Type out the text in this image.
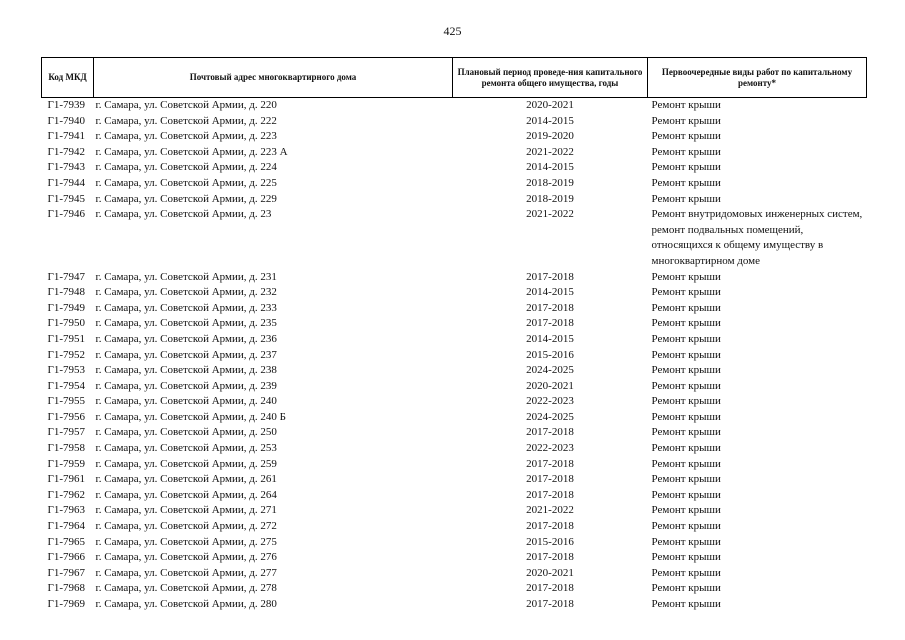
425
Код МКД	Почтовый адрес многоквартирного дома	Плановый период проведе-ния капитального ремонта общего имущества, годы	Первоочередные виды работ по капитальному ремонту*
Г1-7939	г. Самара, ул. Советской Армии, д. 220	2020-2021	Ремонт крыши
Г1-7940	г. Самара, ул. Советской Армии, д. 222	2014-2015	Ремонт крыши
Г1-7941	г. Самара, ул. Советской Армии, д. 223	2019-2020	Ремонт крыши
Г1-7942	г. Самара, ул. Советской Армии, д. 223 А	2021-2022	Ремонт крыши
Г1-7943	г. Самара, ул. Советской Армии, д. 224	2014-2015	Ремонт крыши
Г1-7944	г. Самара, ул. Советской Армии, д. 225	2018-2019	Ремонт крыши
Г1-7945	г. Самара, ул. Советской Армии, д. 229	2018-2019	Ремонт крыши
Г1-7946	г. Самара, ул. Советской Армии, д. 23	2021-2022	Ремонт внутридомовых инженерных систем, ремонт подвальных помещений, относящихся к общему имуществу в многоквартирном доме
Г1-7947	г. Самара, ул. Советской Армии, д. 231	2017-2018	Ремонт крыши
Г1-7948	г. Самара, ул. Советской Армии, д. 232	2014-2015	Ремонт крыши
Г1-7949	г. Самара, ул. Советской Армии, д. 233	2017-2018	Ремонт крыши
Г1-7950	г. Самара, ул. Советской Армии, д. 235	2017-2018	Ремонт крыши
Г1-7951	г. Самара, ул. Советской Армии, д. 236	2014-2015	Ремонт крыши
Г1-7952	г. Самара, ул. Советской Армии, д. 237	2015-2016	Ремонт крыши
Г1-7953	г. Самара, ул. Советской Армии, д. 238	2024-2025	Ремонт крыши
Г1-7954	г. Самара, ул. Советской Армии, д. 239	2020-2021	Ремонт крыши
Г1-7955	г. Самара, ул. Советской Армии, д. 240	2022-2023	Ремонт крыши
Г1-7956	г. Самара, ул. Советской Армии, д. 240 Б	2024-2025	Ремонт крыши
Г1-7957	г. Самара, ул. Советской Армии, д. 250	2017-2018	Ремонт крыши
Г1-7958	г. Самара, ул. Советской Армии, д. 253	2022-2023	Ремонт крыши
Г1-7959	г. Самара, ул. Советской Армии, д. 259	2017-2018	Ремонт крыши
Г1-7961	г. Самара, ул. Советской Армии, д. 261	2017-2018	Ремонт крыши
Г1-7962	г. Самара, ул. Советской Армии, д. 264	2017-2018	Ремонт крыши
Г1-7963	г. Самара, ул. Советской Армии, д. 271	2021-2022	Ремонт крыши
Г1-7964	г. Самара, ул. Советской Армии, д. 272	2017-2018	Ремонт крыши
Г1-7965	г. Самара, ул. Советской Армии, д. 275	2015-2016	Ремонт крыши
Г1-7966	г. Самара, ул. Советской Армии, д. 276	2017-2018	Ремонт крыши
Г1-7967	г. Самара, ул. Советской Армии, д. 277	2020-2021	Ремонт крыши
Г1-7968	г. Самара, ул. Советской Армии, д. 278	2017-2018	Ремонт крыши
Г1-7969	г. Самара, ул. Советской Армии, д. 280	2017-2018	Ремонт крыши
